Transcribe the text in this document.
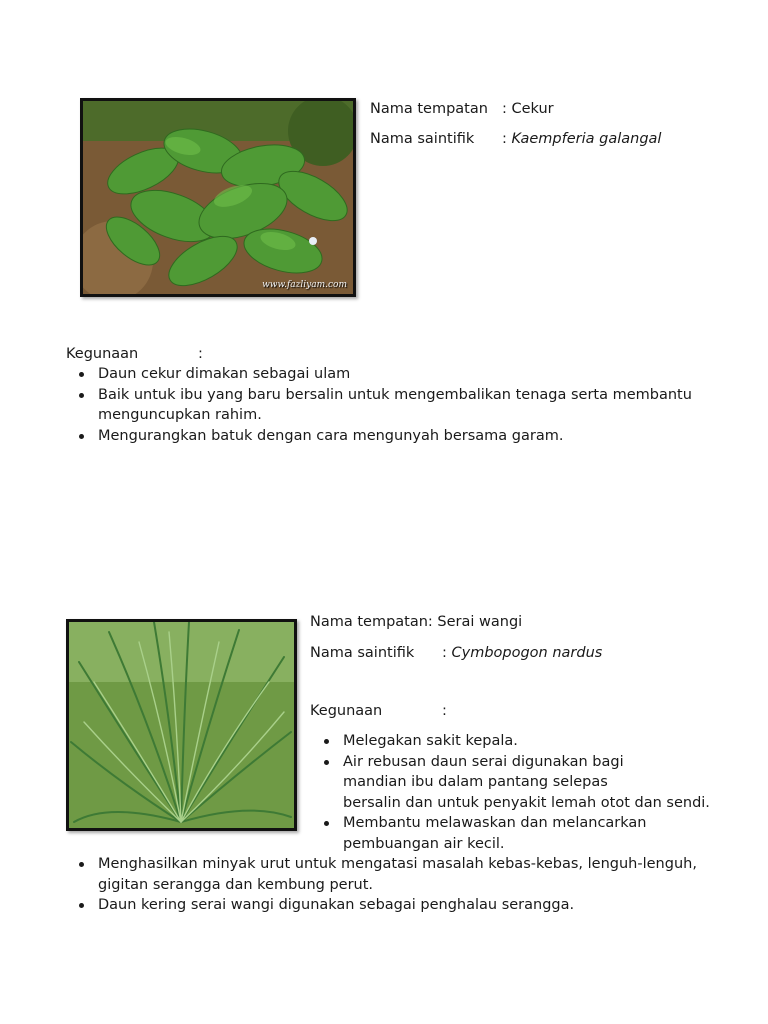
www.fazliyam.com
Nama tempatan : Cekur
Nama saintifik : Kaempferia galangal
Kegunaan	:
Daun cekur dimakan sebagai ulam
Baik untuk ibu yang baru bersalin untuk mengembalikan tenaga serta membantu
menguncupkan rahim.
Mengurangkan batuk dengan cara mengunyah bersama garam.
Nama tempatan: Serai wangi
Nama saintifik : Cymbopogon nardus
Kegunaan	:
Melegakan sakit kepala.
Air rebusan daun serai digunakan bagi
mandian ibu dalam pantang selepas
bersalin dan untuk penyakit lemah otot dan sendi.
Membantu melawaskan dan melancarkan
pembuangan air kecil.
Menghasilkan minyak urut untuk mengatasi masalah kebas-kebas, lenguh-lenguh,
gigitan serangga dan kembung perut.
Daun kering serai wangi digunakan sebagai penghalau serangga.
